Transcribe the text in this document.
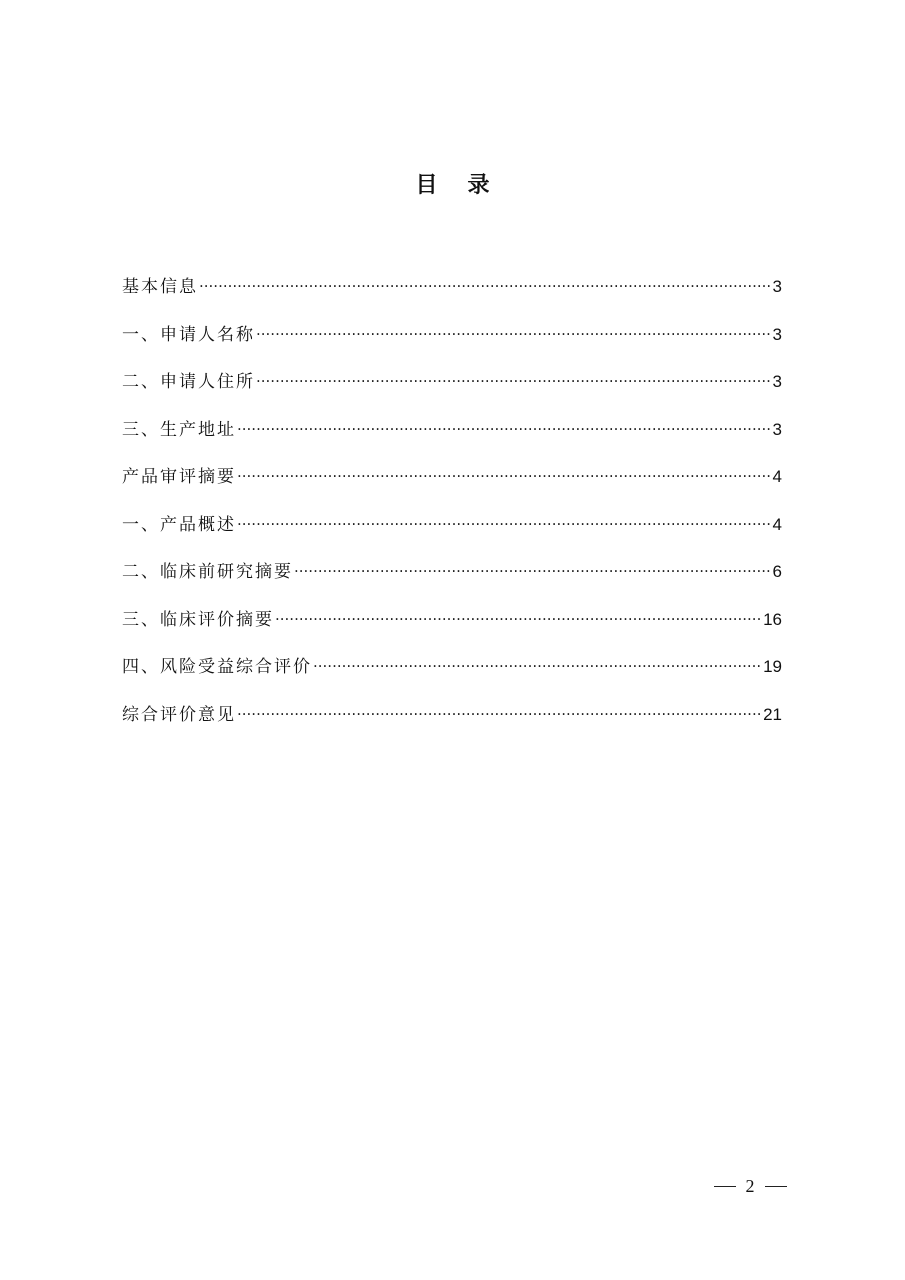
目 录
基本信息 .....	3
一、申请人名称 .....	3
二、申请人住所 .....	3
三、生产地址 .....	3
产品审评摘要 .....	4
一、产品概述 .....	4
二、临床前研究摘要 .....	6
三、临床评价摘要 .....	16
四、风险受益综合评价 .....	19
综合评价意见 .....	21
2
